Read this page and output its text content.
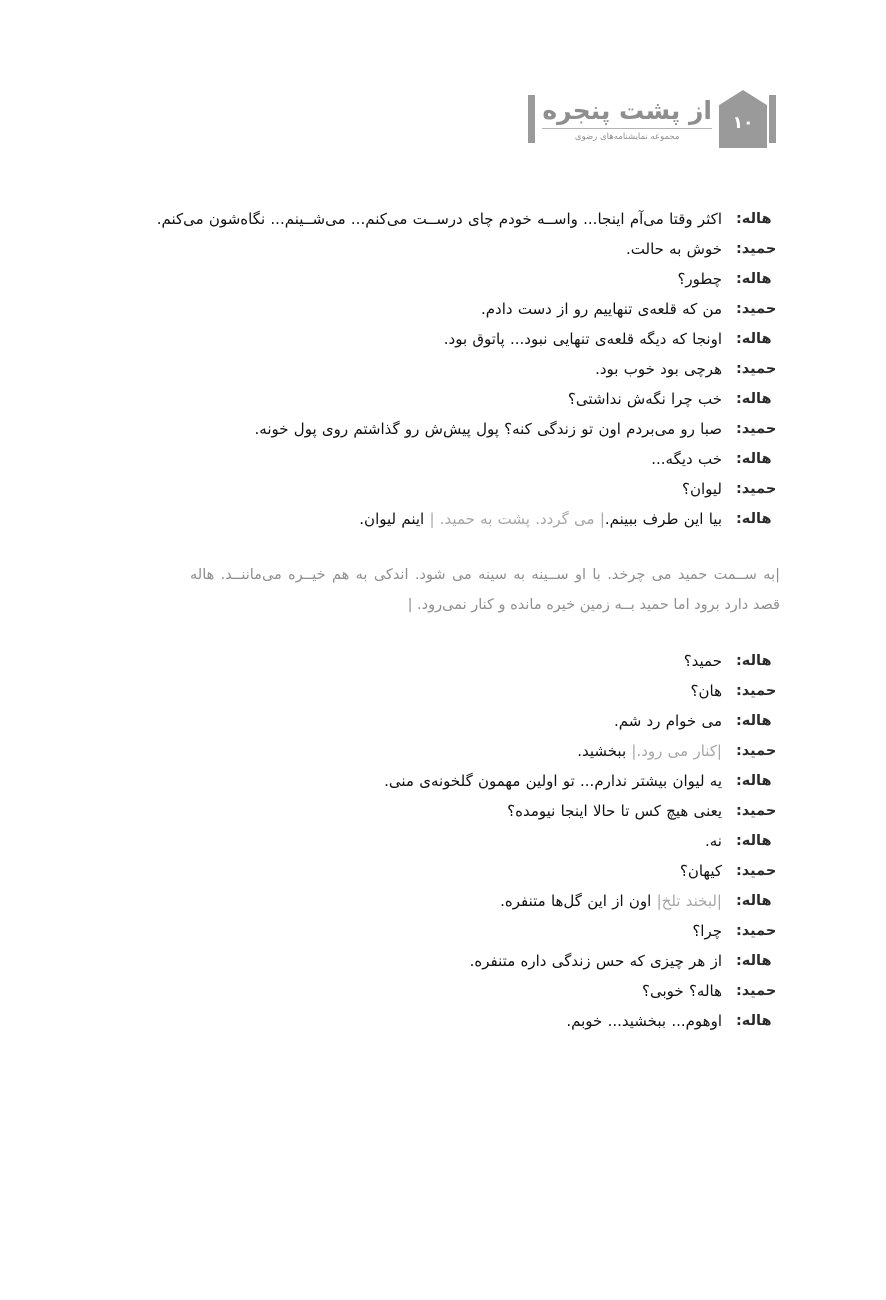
از پشت پنجره
مجموعه نمایشنامه‌های رضوی
۱۰
هاله:
اکثر وقتا می‌آم اینجا... واســه خودم چای درســت می‌کنم... می‌شــینم... نگاه‌شون می‌کنم.
حمید:
خوش به حالت.
هاله:
چطور؟
حمید:
من که قلعه‌ی تنهاییم رو از دست دادم.
هاله:
اونجا که دیگه قلعه‌ی تنهایی نبود... پاتوق بود.
حمید:
هرچی بود خوب بود.
هاله:
خب چرا نگه‌ش نداشتی؟
حمید:
صبا رو می‌بردم اون تو زندگی کنه؟ پول پیش‌ش رو گذاشتم روی پول خونه.
هاله:
خب دیگه...
حمید:
لیوان؟
هاله:
بیا این طرف ببینم.| می گردد. پشت به حمید. | اینم لیوان.
|به ســمت حمید می چرخد. با او ســینه به سینه می شود. اندکی به هم خیــره می‌ماننــد. هاله قصد دارد برود اما حمید بــه زمین خیره مانده و کنار نمی‌رود. |
هاله:
حمید؟
حمید:
هان؟
هاله:
می خوام رد شم.
حمید:
|کنار می رود.| ببخشید.
هاله:
یه لیوان بیشتر ندارم... تو اولین مهمون گلخونه‌ی منی.
حمید:
یعنی هیچ کس تا حالا اینجا نیومده؟
هاله:
نه.
حمید:
کیهان؟
هاله:
|لبخند تلخ| اون از این گل‌ها متنفره.
حمید:
چرا؟
هاله:
از هر چیزی که حس زندگی داره متنفره.
حمید:
هاله؟ خوبی؟
هاله:
اوهوم... ببخشید... خوبم.
